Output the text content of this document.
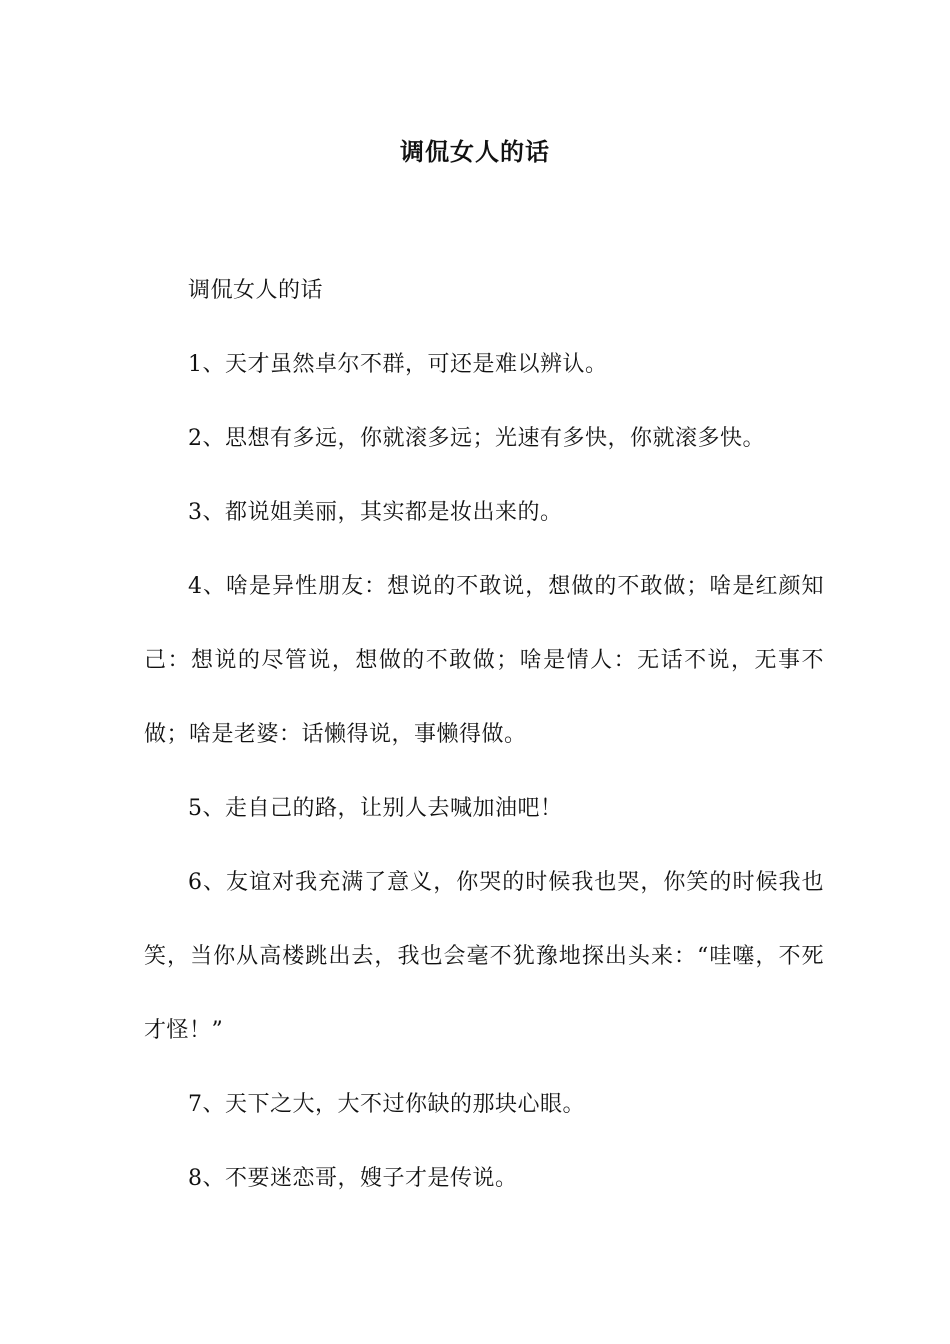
调侃女人的话

调侃女人的话

1、天才虽然卓尔不群，可还是难以辨认。

2、思想有多远，你就滚多远；光速有多快，你就滚多快。

3、都说姐美丽，其实都是妆出来的。

4、啥是异性朋友：想说的不敢说，想做的不敢做；啥是红颜知己：想说的尽管说，想做的不敢做；啥是情人：无话不说，无事不做；啥是老婆：话懒得说，事懒得做。

5、走自己的路，让别人去喊加油吧！

6、友谊对我充满了意义，你哭的时候我也哭，你笑的时候我也笑，当你从高楼跳出去，我也会毫不犹豫地探出头来：“哇噻，不死才怪！”

7、天下之大，大不过你缺的那块心眼。

8、不要迷恋哥，嫂子才是传说。
